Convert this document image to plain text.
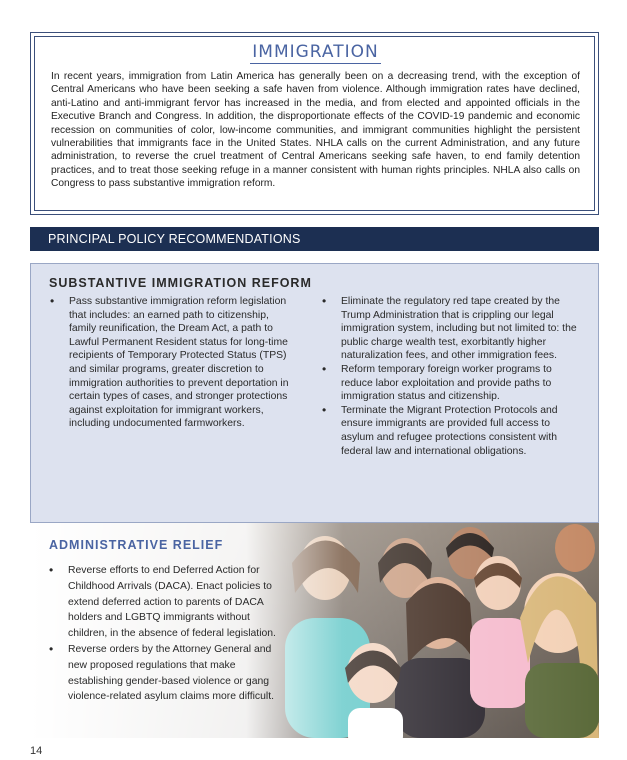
IMMIGRATION

In recent years, immigration from Latin America has generally been on a decreasing trend, with the exception of Central Americans who have been seeking a safe haven from violence. Although immigration rates have declined, anti-Latino and anti-immigrant fervor has increased in the media, and from elected and appointed officials in the Executive Branch and Congress. In addition, the disproportionate effects of the COVID-19 pandemic and economic recession on communities of color, low-income communities, and immigrant communities highlight the persistent vulnerabilities that immigrants face in the United States. NHLA calls on the current Administration, and any future administration, to reverse the cruel treatment of Central Americans seeking safe haven, to end family detention practices, and to treat those seeking refuge in a manner consistent with human rights principles. NHLA also calls on Congress to pass substantive immigration reform.

PRINCIPAL POLICY RECOMMENDATIONS
SUBSTANTIVE IMMIGRATION REFORM
• Pass substantive immigration reform legislation that includes: an earned path to citizenship, family reunification, the Dream Act, a path to Lawful Permanent Resident status for long-time recipients of Temporary Protected Status (TPS) and similar programs, greater discretion to immigration authorities to prevent deportation in certain types of cases, and stronger protections against exploitation for immigrant workers, including undocumented farmworkers.
• Eliminate the regulatory red tape created by the Trump Administration that is crippling our legal immigration system, including but not limited to: the public charge wealth test, exorbitantly higher naturalization fees, and other immigration fees.
• Reform temporary foreign worker programs to reduce labor exploitation and provide paths to immigration status and citizenship.
• Terminate the Migrant Protection Protocols and ensure immigrants are provided full access to asylum and refugee protections consistent with federal law and international obligations.
ADMINISTRATIVE RELIEF
• Reverse efforts to end Deferred Action for Childhood Arrivals (DACA). Enact policies to extend deferred action to parents of DACA holders and LGBTQ immigrants without children, in the absence of federal legislation.
• Reverse orders by the Attorney General and new proposed regulations that make establishing gender-based violence or gang violence-related asylum claims more difficult.
14
